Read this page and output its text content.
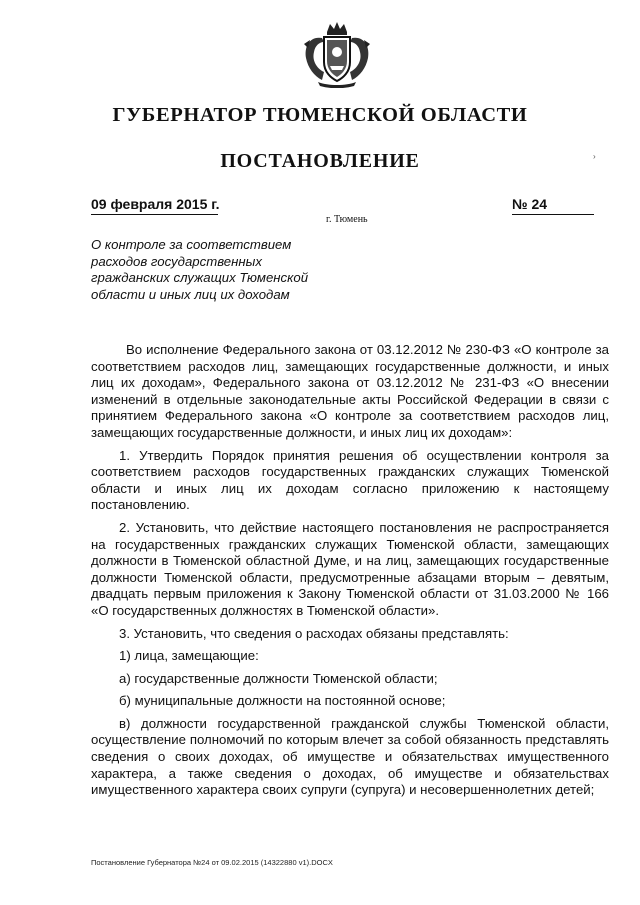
ГУБЕРНАТОР ТЮМЕНСКОЙ ОБЛАСТИ
ПОСТАНОВЛЕНИЕ	›
09 февраля 2015 г.	№ 24
г. Тюмень
О контроле за соответствием расходов государственных гражданских служащих Тюменской области и иных лиц их доходам

Во исполнение Федерального закона от 03.12.2012 № 230-ФЗ «О контроле за соответствием расходов лиц, замещающих государственные должности, и иных лиц их доходам», Федерального закона от 03.12.2012 № 231-ФЗ «О внесении изменений в отдельные законодательные акты Российской Федерации в связи с принятием Федерального закона «О контроле за соответствием расходов лиц, замещающих государственные должности, и иных лиц их доходам»:

1. Утвердить Порядок принятия решения об осуществлении контроля за соответствием расходов государственных гражданских служащих Тюменской области и иных лиц их доходам согласно приложению к настоящему постановлению.

2. Установить, что действие настоящего постановления не распространяется на государственных гражданских служащих Тюменской области, замещающих должности в Тюменской областной Думе, и на лиц, замещающих государственные должности Тюменской области, предусмотренные абзацами вторым – девятым, двадцать первым приложения к Закону Тюменской области от 31.03.2000 № 166 «О государственных должностях в Тюменской области».

3. Установить, что сведения о расходах обязаны представлять:

1) лица, замещающие:

а) государственные должности Тюменской области;

б) муниципальные должности на постоянной основе;

в) должности государственной гражданской службы Тюменской области, осуществление полномочий по которым влечет за собой обязанность представлять сведения о своих доходах, об имуществе и обязательствах имущественного характера, а также сведения о доходах, об имуществе и обязательствах имущественного характера своих супруги (супруга) и несовершеннолетних детей;

Постановление Губернатора №24 от 09.02.2015 (14322880 v1).DOCX
